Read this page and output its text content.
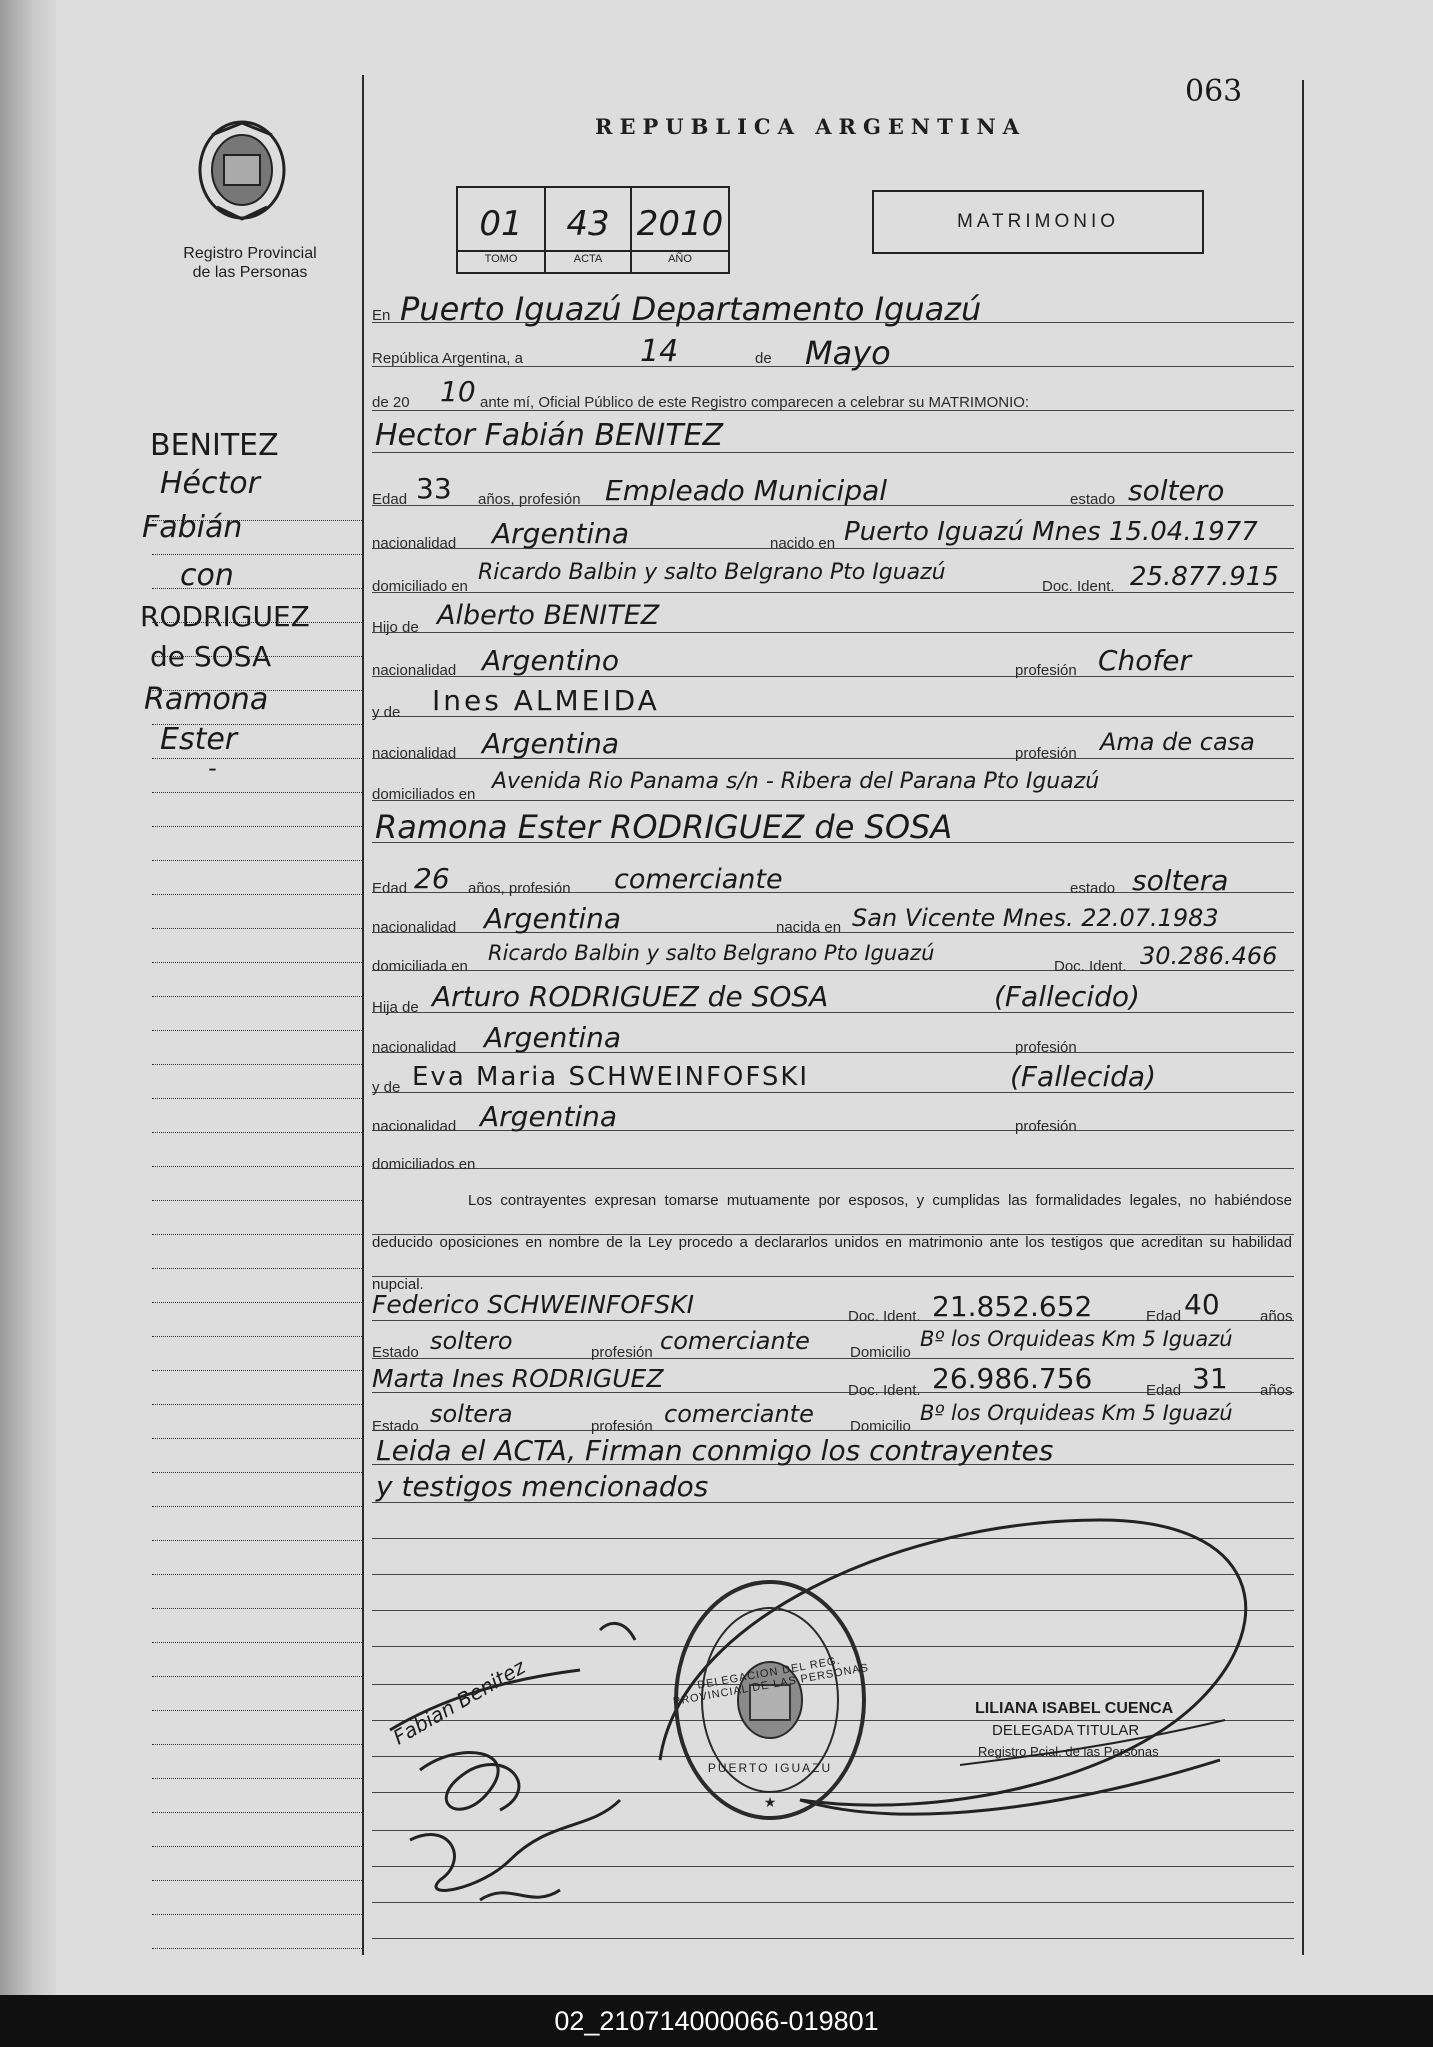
063
Registro Provincial
de las Personas
REPUBLICA ARGENTINA
01	43 2010
TOMO	ACTA	AÑO
MATRIMONIO
BENITEZ
Héctor
Fabián
con
RODRIGUEZ
de SOSA
Ramona
Ester
-
En Puerto Iguazú Departamento Iguazú
República Argentina, a	14	de Mayo
de 20 10 ante mí, Oficial Público de este Registro comparecen a celebrar su MATRIMONIO:
Hector Fabián BENITEZ
Edad 33 años, profesión Empleado Municipal	estado soltero
nacionalidad Argentina	nacido en Puerto Iguazú Mnes 15.04.1977
domiciliado en
Ricardo Balbin y salto Belgrano Pto Iguazú
Doc. Ident. 25.877.915
Hijo de Alberto BENITEZ
nacionalidad Argentino	profesión Chofer
y de Ines ALMEIDA
nacionalidad Argentina	profesión Ama de casa
domiciliados en
Avenida Rio Panama s/n - Ribera del Parana Pto Iguazú
Ramona Ester RODRIGUEZ de SOSA
Edad 26 años, profesión comerciante	estado soltera
nacionalidad Argentina	nacida en San Vicente Mnes. 22.07.1983
domiciliada en
Ricardo Balbin y salto Belgrano Pto Iguazú
Doc. Ident. 30.286.466
Hija de Arturo RODRIGUEZ de SOSA	(Fallecido)
nacionalidad Argentina	profesión
y de Eva Maria SCHWEINFOFSKI	(Fallecida)
nacionalidad Argentina	profesión
domiciliados en
Los contrayentes expresan tomarse mutuamente por esposos, y cumplidas las formalidades legales, no habiéndose deducido oposiciones en nombre de la Ley procedo a declararlos unidos en matrimonio ante los testigos que acreditan su habilidad nupcial.
Federico SCHWEINFOFSKI	Doc. Ident. 21.852.652	Edad 40	años
Estado soltero	profesión comerciante	Domicilio
Bº los Orquideas Km 5 Iguazú
Marta Ines RODRIGUEZ	Doc. Ident. 26.986.756	Edad 31 años
Estado soltera	profesión comerciante Domicilio
Bº los Orquideas Km 5 Iguazú
Leida el ACTA, Firman conmigo los contrayentes
y testigos mencionados
★
DELEGACION DEL REG. PROVINCIAL DE LAS PERSONAS
PUERTO IGUAZU
LILIANA ISABEL CUENCA
DELEGADA TITULAR
Registro Pcial. de las Personas
Fabian Benitez
02_210714000066-019801
